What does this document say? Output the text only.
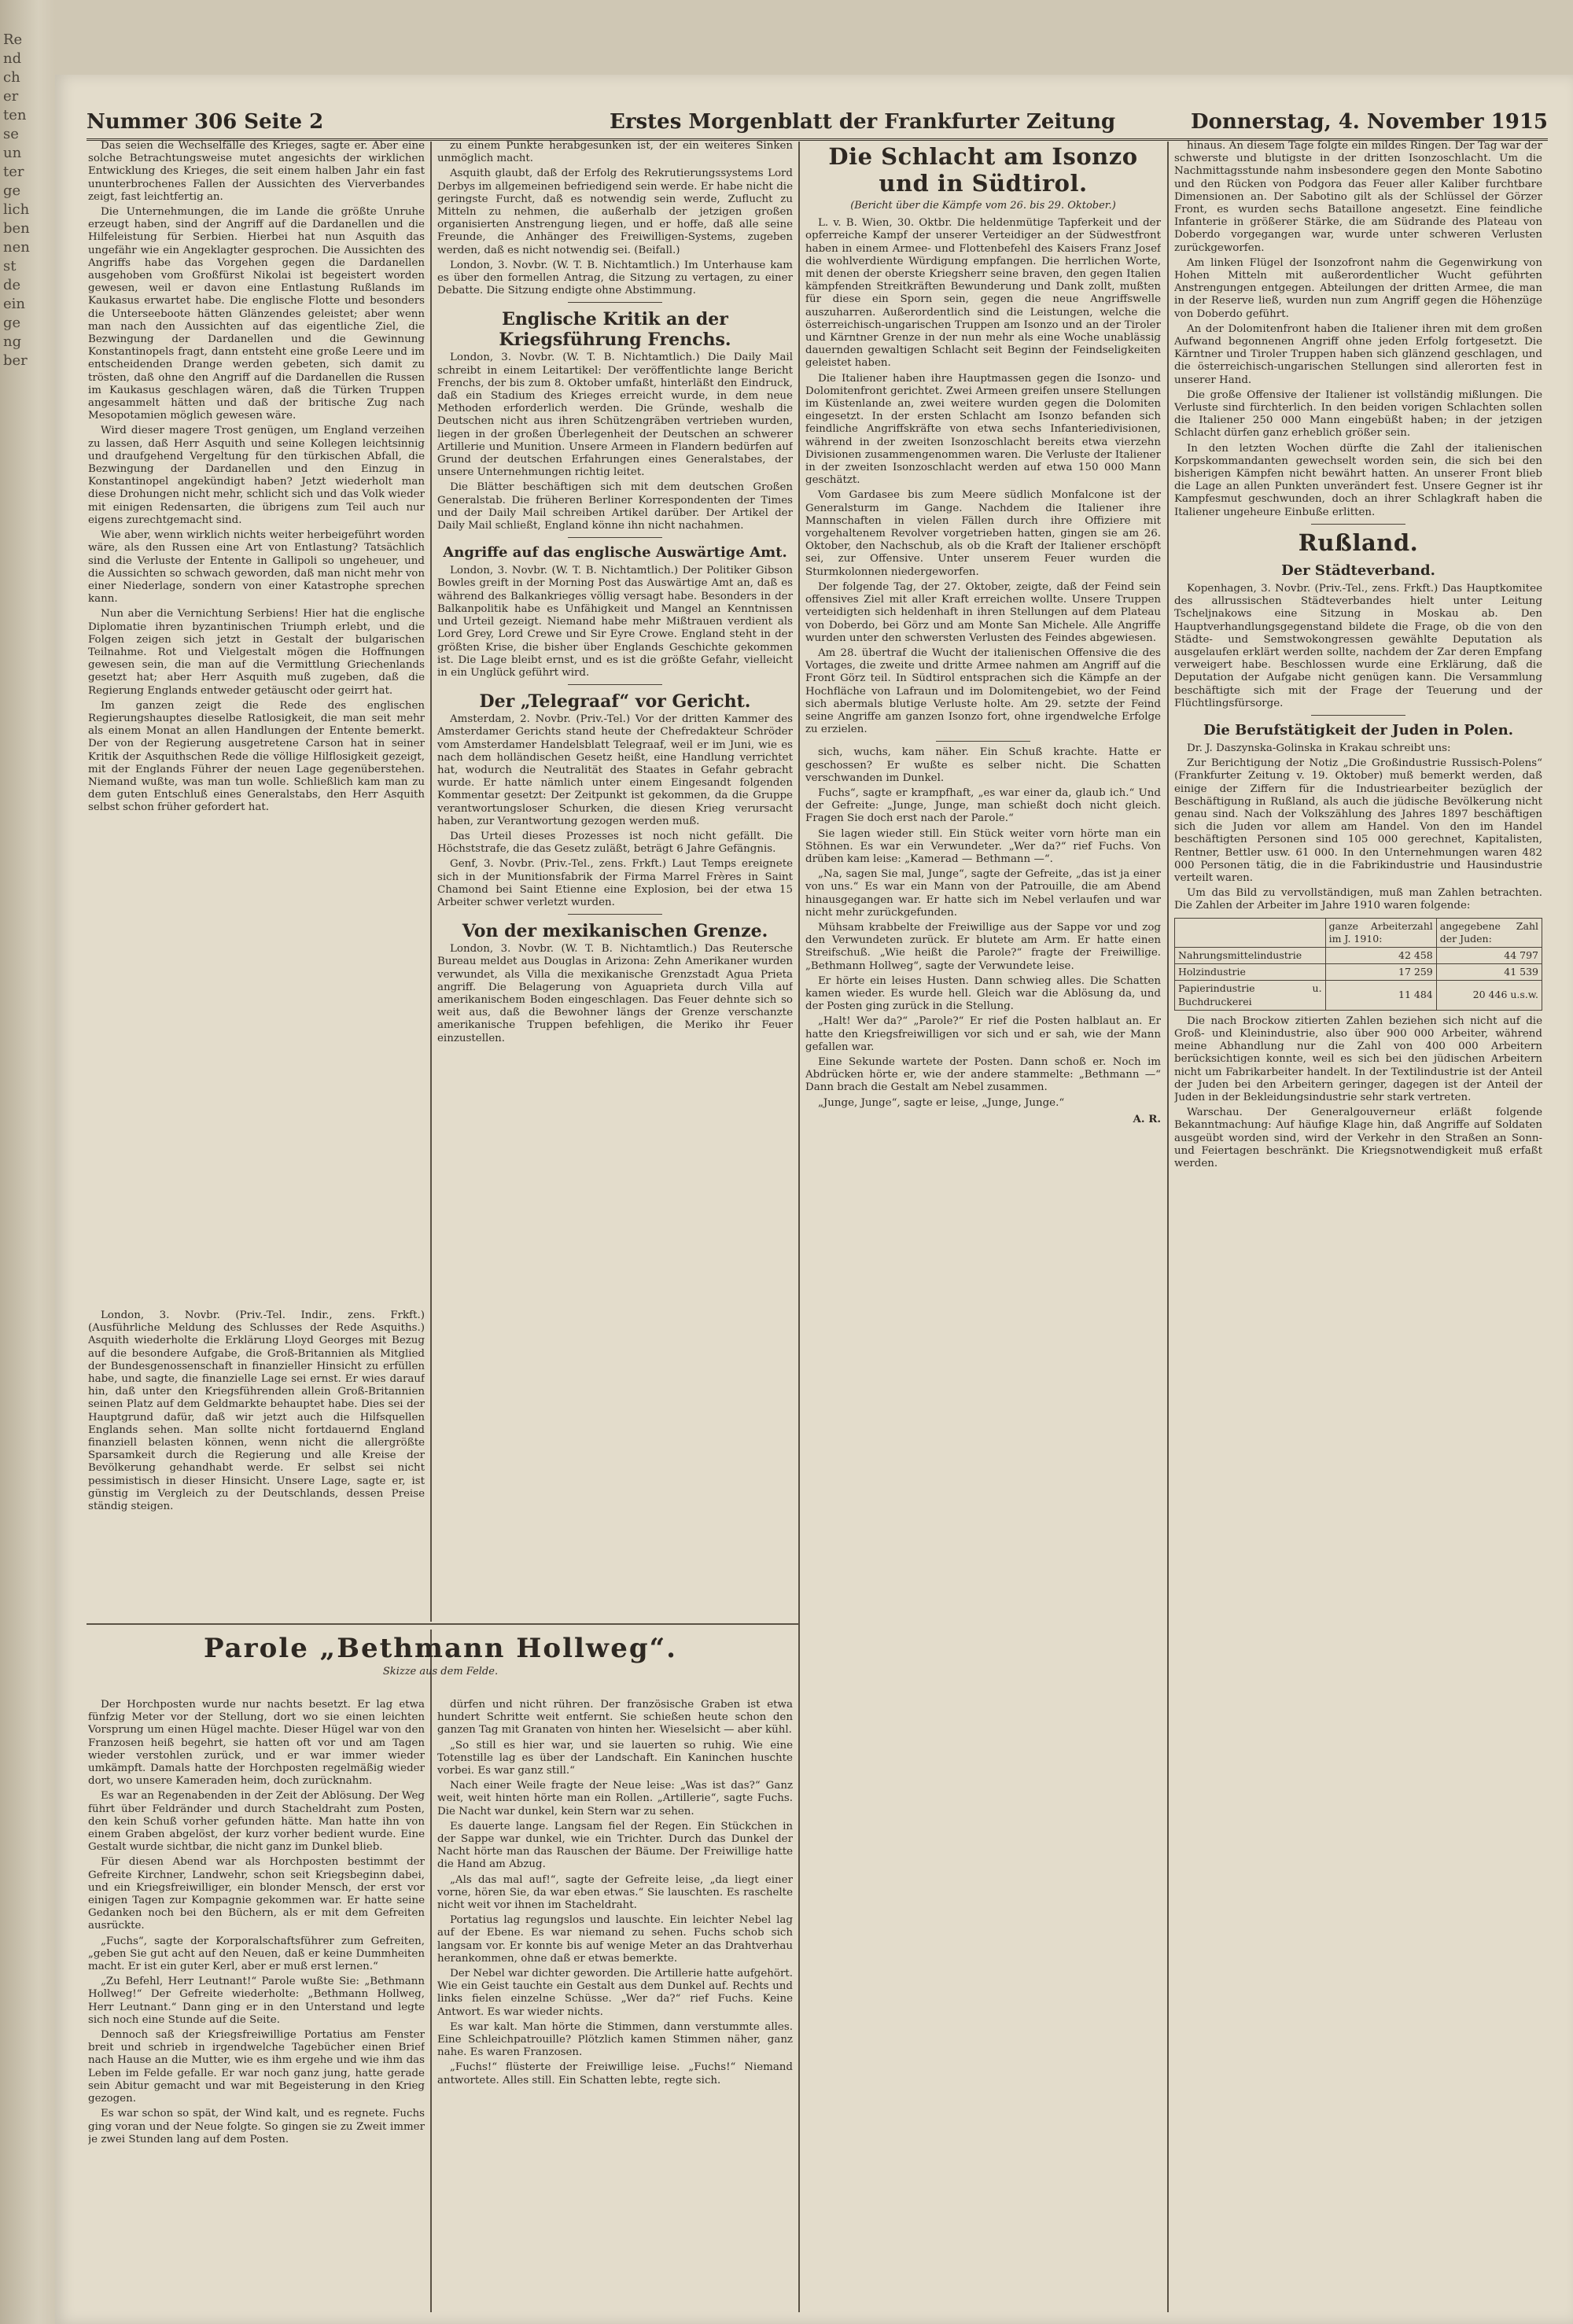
Re
nd
ch
er
ten
se
un
ter
ge
lich
ben
nen
st
de
ein
ge
ng
ber
Nummer 306 Seite 2	Erstes Morgenblatt der Frankfurter Zeitung	Donnerstag, 4. November 1915

Das seien die Wechselfälle des Krieges, sagte er. Aber eine solche Betrachtungsweise mutet angesichts der wirklichen Entwicklung des Krieges, die seit einem halben Jahr ein fast ununterbrochenes Fallen der Aussichten des Vierverbandes zeigt, fast leichtfertig an.

Die Unternehmungen, die im Lande die größte Unruhe erzeugt haben, sind der Angriff auf die Dardanellen und die Hilfeleistung für Serbien. Hierbei hat nun Asquith das ungefähr wie ein Angeklagter gesprochen. Die Aussichten des Angriffs habe das Vorgehen gegen die Dardanellen ausgehoben vom Großfürst Nikolai ist begeistert worden gewesen, weil er davon eine Entlastung Rußlands im Kaukasus erwartet habe. Die englische Flotte und besonders die Unterseeboote hätten Glänzendes geleistet; aber wenn man nach den Aussichten auf das eigentliche Ziel, die Bezwingung der Dardanellen und die Gewinnung Konstantinopels fragt, dann entsteht eine große Leere und im entscheidenden Drange werden gebeten, sich damit zu trösten, daß ohne den Angriff auf die Dardanellen die Russen im Kaukasus geschlagen wären, daß die Türken Truppen angesammelt hätten und daß der britische Zug nach Mesopotamien möglich gewesen wäre.

Wird dieser magere Trost genügen, um England verzeihen zu lassen, daß Herr Asquith und seine Kollegen leichtsinnig und draufgehend Vergeltung für den türkischen Abfall, die Bezwingung der Dardanellen und den Einzug in Konstantinopel angekündigt haben? Jetzt wiederholt man diese Drohungen nicht mehr, schlicht sich und das Volk wieder mit einigen Redensarten, die übrigens zum Teil auch nur eigens zurechtgemacht sind.

Wie aber, wenn wirklich nichts weiter herbeigeführt worden wäre, als den Russen eine Art von Entlastung? Tatsächlich sind die Verluste der Entente in Gallipoli so ungeheuer, und die Aussichten so schwach geworden, daß man nicht mehr von einer Niederlage, sondern von einer Katastrophe sprechen kann.

Nun aber die Vernichtung Serbiens! Hier hat die englische Diplomatie ihren byzantinischen Triumph erlebt, und die Folgen zeigen sich jetzt in Gestalt der bulgarischen Teilnahme. Rot und Vielgestalt mögen die Hoffnungen gewesen sein, die man auf die Vermittlung Griechenlands gesetzt hat; aber Herr Asquith muß zugeben, daß die Regierung Englands entweder getäuscht oder geirrt hat.

Im ganzen zeigt die Rede des englischen Regierungshauptes dieselbe Ratlosigkeit, die man seit mehr als einem Monat an allen Handlungen der Entente bemerkt. Der von der Regierung ausgetretene Carson hat in seiner Kritik der Asquithschen Rede die völlige Hilflosigkeit gezeigt, mit der Englands Führer der neuen Lage gegenüberstehen. Niemand wußte, was man tun wolle. Schließlich kam man zu dem guten Entschluß eines Generalstabs, den Herr Asquith selbst schon früher gefordert hat.

London, 3. Novbr. (Priv.-Tel. Indir., zens. Frkft.) (Ausführliche Meldung des Schlusses der Rede Asquiths.) Asquith wiederholte die Erklärung Lloyd Georges mit Bezug auf die besondere Aufgabe, die Groß-Britannien als Mitglied der Bundesgenossenschaft in finanzieller Hinsicht zu erfüllen habe, und sagte, die finanzielle Lage sei ernst. Er wies darauf hin, daß unter den Kriegsführenden allein Groß-Britannien seinen Platz auf dem Geldmarkte behauptet habe. Dies sei der Hauptgrund dafür, daß wir jetzt auch die Hilfsquellen Englands sehen. Man sollte nicht fortdauernd England finanziell belasten können, wenn nicht die allergrößte Sparsamkeit durch die Regierung und alle Kreise der Bevölkerung gehandhabt werde. Er selbst sei nicht pessimistisch in dieser Hinsicht. Unsere Lage, sagte er, ist günstig im Vergleich zu der Deutschlands, dessen Preise ständig steigen.

zu einem Punkte herabgesunken ist, der ein weiteres Sinken unmöglich macht.

Asquith glaubt, daß der Erfolg des Rekrutierungssystems Lord Derbys im allgemeinen befriedigend sein werde. Er habe nicht die geringste Furcht, daß es notwendig sein werde, Zuflucht zu Mitteln zu nehmen, die außerhalb der jetzigen großen organisierten Anstrengung liegen, und er hoffe, daß alle seine Freunde, die Anhänger des Freiwilligen-Systems, zugeben werden, daß es nicht notwendig sei. (Beifall.)

London, 3. Novbr. (W. T. B. Nichtamtlich.) Im Unterhause kam es über den formellen Antrag, die Sitzung zu vertagen, zu einer Debatte. Die Sitzung endigte ohne Abstimmung.

Englische Kritik an der Kriegsführung Frenchs.

London, 3. Novbr. (W. T. B. Nichtamtlich.) Die Daily Mail schreibt in einem Leitartikel: Der veröffentlichte lange Bericht Frenchs, der bis zum 8. Oktober umfaßt, hinterläßt den Eindruck, daß ein Stadium des Krieges erreicht wurde, in dem neue Methoden erforderlich werden. Die Gründe, weshalb die Deutschen nicht aus ihren Schützengräben vertrieben wurden, liegen in der großen Überlegenheit der Deutschen an schwerer Artillerie und Munition. Unsere Armeen in Flandern bedürfen auf Grund der deutschen Erfahrungen eines Generalstabes, der unsere Unternehmungen richtig leitet.

Die Blätter beschäftigen sich mit dem deutschen Großen Generalstab. Die früheren Berliner Korrespondenten der Times und der Daily Mail schreiben Artikel darüber. Der Artikel der Daily Mail schließt, England könne ihn nicht nachahmen.

Angriffe auf das englische Auswärtige Amt.

London, 3. Novbr. (W. T. B. Nichtamtlich.) Der Politiker Gibson Bowles greift in der Morning Post das Auswärtige Amt an, daß es während des Balkankrieges völlig versagt habe. Besonders in der Balkanpolitik habe es Unfähigkeit und Mangel an Kenntnissen und Urteil gezeigt. Niemand habe mehr Mißtrauen verdient als Lord Grey, Lord Crewe und Sir Eyre Crowe. England steht in der größten Krise, die bisher über Englands Geschichte gekommen ist. Die Lage bleibt ernst, und es ist die größte Gefahr, vielleicht in ein Unglück geführt wird.

Der „Telegraaf“ vor Gericht.

Amsterdam, 2. Novbr. (Priv.-Tel.) Vor der dritten Kammer des Amsterdamer Gerichts stand heute der Chefredakteur Schröder vom Amsterdamer Handelsblatt Telegraaf, weil er im Juni, wie es nach dem holländischen Gesetz heißt, eine Handlung verrichtet hat, wodurch die Neutralität des Staates in Gefahr gebracht wurde. Er hatte nämlich unter einem Eingesandt folgenden Kommentar gesetzt: Der Zeitpunkt ist gekommen, da die Gruppe verantwortungsloser Schurken, die diesen Krieg verursacht haben, zur Verantwortung gezogen werden muß.

Das Urteil dieses Prozesses ist noch nicht gefällt. Die Höchststrafe, die das Gesetz zuläßt, beträgt 6 Jahre Gefängnis.

Genf, 3. Novbr. (Priv.-Tel., zens. Frkft.) Laut Temps ereignete sich in der Munitionsfabrik der Firma Marrel Frères in Saint Chamond bei Saint Etienne eine Explosion, bei der etwa 15 Arbeiter schwer verletzt wurden.

Von der mexikanischen Grenze.

London, 3. Novbr. (W. T. B. Nichtamtlich.) Das Reutersche Bureau meldet aus Douglas in Arizona: Zehn Amerikaner wurden verwundet, als Villa die mexikanische Grenzstadt Agua Prieta angriff. Die Belagerung von Aguaprieta durch Villa auf amerikanischem Boden eingeschlagen. Das Feuer dehnte sich so weit aus, daß die Bewohner längs der Grenze verschanzte amerikanische Truppen befehligen, die Meriko ihr Feuer einzustellen.

Die Schlacht am Isonzo und in Südtirol.
(Bericht über die Kämpfe vom 26. bis 29. Oktober.)

L. v. B. Wien, 30. Oktbr. Die heldenmütige Tapferkeit und der opferreiche Kampf der unserer Verteidiger an der Südwestfront haben in einem Armee- und Flottenbefehl des Kaisers Franz Josef die wohlverdiente Würdigung empfangen. Die herrlichen Worte, mit denen der oberste Kriegsherr seine braven, den gegen Italien kämpfenden Streitkräften Bewunderung und Dank zollt, mußten für diese ein Sporn sein, gegen die neue Angriffswelle auszuharren. Außerordentlich sind die Leistungen, welche die österreichisch-ungarischen Truppen am Isonzo und an der Tiroler und Kärntner Grenze in der nun mehr als eine Woche unablässig dauernden gewaltigen Schlacht seit Beginn der Feindseligkeiten geleistet haben.

Die Italiener haben ihre Hauptmassen gegen die Isonzo- und Dolomitenfront gerichtet. Zwei Armeen greifen unsere Stellungen im Küstenlande an, zwei weitere wurden gegen die Dolomiten eingesetzt. In der ersten Schlacht am Isonzo befanden sich feindliche Angriffskräfte von etwa sechs Infanteriedivisionen, während in der zweiten Isonzoschlacht bereits etwa vierzehn Divisionen zusammengenommen waren. Die Verluste der Italiener in der zweiten Isonzoschlacht werden auf etwa 150 000 Mann geschätzt.

Vom Gardasee bis zum Meere südlich Monfalcone ist der Generalsturm im Gange. Nachdem die Italiener ihre Mannschaften in vielen Fällen durch ihre Offiziere mit vorgehaltenem Revolver vorgetrieben hatten, gingen sie am 26. Oktober, den Nachschub, als ob die Kraft der Italiener erschöpft sei, zur Offensive. Unter unserem Feuer wurden die Sturmkolonnen niedergeworfen.

Der folgende Tag, der 27. Oktober, zeigte, daß der Feind sein offensives Ziel mit aller Kraft erreichen wollte. Unsere Truppen verteidigten sich heldenhaft in ihren Stellungen auf dem Plateau von Doberdo, bei Görz und am Monte San Michele. Alle Angriffe wurden unter den schwersten Verlusten des Feindes abgewiesen.

Am 28. übertraf die Wucht der italienischen Offensive die des Vortages, die zweite und dritte Armee nahmen am Angriff auf die Front Görz teil. In Südtirol entsprachen sich die Kämpfe an der Hochfläche von Lafraun und im Dolomitengebiet, wo der Feind sich abermals blutige Verluste holte. Am 29. setzte der Feind seine Angriffe am ganzen Isonzo fort, ohne irgendwelche Erfolge zu erzielen.

sich, wuchs, kam näher. Ein Schuß krachte. Hatte er geschossen? Er wußte es selber nicht. Die Schatten verschwanden im Dunkel.

Fuchs“, sagte er krampfhaft, „es war einer da, glaub ich.“ Und der Gefreite: „Junge, Junge, man schießt doch nicht gleich. Fragen Sie doch erst nach der Parole.“

Sie lagen wieder still. Ein Stück weiter vorn hörte man ein Stöhnen. Es war ein Verwundeter. „Wer da?“ rief Fuchs. Von drüben kam leise: „Kamerad — Bethmann —“.

„Na, sagen Sie mal, Junge“, sagte der Gefreite, „das ist ja einer von uns.“ Es war ein Mann von der Patrouille, die am Abend hinausgegangen war. Er hatte sich im Nebel verlaufen und war nicht mehr zurückgefunden.

Mühsam krabbelte der Freiwillige aus der Sappe vor und zog den Verwundeten zurück. Er blutete am Arm. Er hatte einen Streifschuß. „Wie heißt die Parole?“ fragte der Freiwillige. „Bethmann Hollweg“, sagte der Verwundete leise.

Er hörte ein leises Husten. Dann schwieg alles. Die Schatten kamen wieder. Es wurde hell. Gleich war die Ablösung da, und der Posten ging zurück in die Stellung.

„Halt! Wer da?“ „Parole?“ Er rief die Posten halblaut an. Er hatte den Kriegsfreiwilligen vor sich und er sah, wie der Mann gefallen war.

Eine Sekunde wartete der Posten. Dann schoß er. Noch im Abdrücken hörte er, wie der andere stammelte: „Bethmann —“ Dann brach die Gestalt am Nebel zusammen.

„Junge, Junge“, sagte er leise, „Junge, Junge.“

A. R.

hinaus. An diesem Tage folgte ein mildes Ringen. Der Tag war der schwerste und blutigste in der dritten Isonzoschlacht. Um die Nachmittagsstunde nahm insbesondere gegen den Monte Sabotino und den Rücken von Podgora das Feuer aller Kaliber furchtbare Dimensionen an. Der Sabotino gilt als der Schlüssel der Görzer Front, es wurden sechs Bataillone angesetzt. Eine feindliche Infanterie in größerer Stärke, die am Südrande des Plateau von Doberdo vorgegangen war, wurde unter schweren Verlusten zurückgeworfen.

Am linken Flügel der Isonzofront nahm die Gegenwirkung von Hohen Mitteln mit außerordentlicher Wucht geführten Anstrengungen entgegen. Abteilungen der dritten Armee, die man in der Reserve ließ, wurden nun zum Angriff gegen die Höhenzüge von Doberdo geführt.

An der Dolomitenfront haben die Italiener ihren mit dem großen Aufwand begonnenen Angriff ohne jeden Erfolg fortgesetzt. Die Kärntner und Tiroler Truppen haben sich glänzend geschlagen, und die österreichisch-ungarischen Stellungen sind allerorten fest in unserer Hand.

Die große Offensive der Italiener ist vollständig mißlungen. Die Verluste sind fürchterlich. In den beiden vorigen Schlachten sollen die Italiener 250 000 Mann eingebüßt haben; in der jetzigen Schlacht dürfen ganz erheblich größer sein.

In den letzten Wochen dürfte die Zahl der italienischen Korpskommandanten gewechselt worden sein, die sich bei den bisherigen Kämpfen nicht bewährt hatten. An unserer Front blieb die Lage an allen Punkten unverändert fest. Unsere Gegner ist ihr Kampfesmut geschwunden, doch an ihrer Schlagkraft haben die Italiener ungeheure Einbuße erlitten.

Rußland.
Der Städteverband.

Kopenhagen, 3. Novbr. (Priv.-Tel., zens. Frkft.) Das Hauptkomitee des allrussischen Städteverbandes hielt unter Leitung Tscheljnakows eine Sitzung in Moskau ab. Den Hauptverhandlungsgegenstand bildete die Frage, ob die von den Städte- und Semstwokongressen gewählte Deputation als ausgelaufen erklärt werden sollte, nachdem der Zar deren Empfang verweigert habe. Beschlossen wurde eine Erklärung, daß die Deputation der Aufgabe nicht genügen kann. Die Versammlung beschäftigte sich mit der Frage der Teuerung und der Flüchtlingsfürsorge.

Die Berufstätigkeit der Juden in Polen.

Dr. J. Daszynska-Golinska in Krakau schreibt uns:

Zur Berichtigung der Notiz „Die Großindustrie Russisch-Polens“ (Frankfurter Zeitung v. 19. Oktober) muß bemerkt werden, daß einige der Ziffern für die Industriearbeiter bezüglich der Beschäftigung in Rußland, als auch die jüdische Bevölkerung nicht genau sind. Nach der Volkszählung des Jahres 1897 beschäftigen sich die Juden vor allem am Handel. Von den im Handel beschäftigten Personen sind 105 000 gerechnet, Kapitalisten, Rentner, Bettler usw. 61 000. In den Unternehmungen waren 482 000 Personen tätig, die in die Fabrikindustrie und Hausindustrie verteilt waren.

Um das Bild zu vervollständigen, muß man Zahlen betrachten. Die Zahlen der Arbeiter im Jahre 1910 waren folgende:

	ganze Arbeiterzahl im J. 1910:	angegebene Zahl der Juden:
Nahrungsmittelindustrie	42 458	44 797
Holzindustrie	17 259	41 539
Papierindustrie u. Buchdruckerei	11 484	20 446 u.s.w.

Die nach Brockow zitierten Zahlen beziehen sich nicht auf die Groß- und Kleinindustrie, also über 900 000 Arbeiter, während meine Abhandlung nur die Zahl von 400 000 Arbeitern berücksichtigen konnte, weil es sich bei den jüdischen Arbeitern nicht um Fabrikarbeiter handelt. In der Textilindustrie ist der Anteil der Juden bei den Arbeitern geringer, dagegen ist der Anteil der Juden in der Bekleidungsindustrie sehr stark vertreten.

Warschau. Der Generalgouverneur erläßt folgende Bekanntmachung: Auf häufige Klage hin, daß Angriffe auf Soldaten ausgeübt worden sind, wird der Verkehr in den Straßen an Sonn- und Feiertagen beschränkt. Die Kriegsnotwendigkeit muß erfaßt werden.

Parole „Bethmann Hollweg“.
Skizze aus dem Felde.

Der Horchposten wurde nur nachts besetzt. Er lag etwa fünfzig Meter vor der Stellung, dort wo sie einen leichten Vorsprung um einen Hügel machte. Dieser Hügel war von den Franzosen heiß begehrt, sie hatten oft vor und am Tagen wieder verstohlen zurück, und er war immer wieder umkämpft. Damals hatte der Horchposten regelmäßig wieder dort, wo unsere Kameraden heim, doch zurücknahm.

Es war an Regenabenden in der Zeit der Ablösung. Der Weg führt über Feldränder und durch Stacheldraht zum Posten, den kein Schuß vorher gefunden hätte. Man hatte ihn von einem Graben abgelöst, der kurz vorher bedient wurde. Eine Gestalt wurde sichtbar, die nicht ganz im Dunkel blieb.

Für diesen Abend war als Horchposten bestimmt der Gefreite Kirchner, Landwehr, schon seit Kriegsbeginn dabei, und ein Kriegsfreiwilliger, ein blonder Mensch, der erst vor einigen Tagen zur Kompagnie gekommen war. Er hatte seine Gedanken noch bei den Büchern, als er mit dem Gefreiten ausrückte.

„Fuchs“, sagte der Korporalschaftsführer zum Gefreiten, „geben Sie gut acht auf den Neuen, daß er keine Dummheiten macht. Er ist ein guter Kerl, aber er muß erst lernen.“

„Zu Befehl, Herr Leutnant!“ Parole wußte Sie: „Bethmann Hollweg!“ Der Gefreite wiederholte: „Bethmann Hollweg, Herr Leutnant.“ Dann ging er in den Unterstand und legte sich noch eine Stunde auf die Seite.

Dennoch saß der Kriegsfreiwillige Portatius am Fenster breit und schrieb in irgendwelche Tagebücher einen Brief nach Hause an die Mutter, wie es ihm ergehe und wie ihm das Leben im Felde gefalle. Er war noch ganz jung, hatte gerade sein Abitur gemacht und war mit Begeisterung in den Krieg gezogen.

Es war schon so spät, der Wind kalt, und es regnete. Fuchs ging voran und der Neue folgte. So gingen sie zu Zweit immer je zwei Stunden lang auf dem Posten.

dürfen und nicht rühren. Der französische Graben ist etwa hundert Schritte weit entfernt. Sie schießen heute schon den ganzen Tag mit Granaten von hinten her. Wieselsicht — aber kühl.

„So still es hier war, und sie lauerten so ruhig. Wie eine Totenstille lag es über der Landschaft. Ein Kaninchen huschte vorbei. Es war ganz still.“

Nach einer Weile fragte der Neue leise: „Was ist das?“ Ganz weit, weit hinten hörte man ein Rollen. „Artillerie“, sagte Fuchs. Die Nacht war dunkel, kein Stern war zu sehen.

Es dauerte lange. Langsam fiel der Regen. Ein Stückchen in der Sappe war dunkel, wie ein Trichter. Durch das Dunkel der Nacht hörte man das Rauschen der Bäume. Der Freiwillige hatte die Hand am Abzug.

„Als das mal auf!“, sagte der Gefreite leise, „da liegt einer vorne, hören Sie, da war eben etwas.“ Sie lauschten. Es raschelte nicht weit vor ihnen im Stacheldraht.

Portatius lag regungslos und lauschte. Ein leichter Nebel lag auf der Ebene. Es war niemand zu sehen. Fuchs schob sich langsam vor. Er konnte bis auf wenige Meter an das Drahtverhau herankommen, ohne daß er etwas bemerkte.

Der Nebel war dichter geworden. Die Artillerie hatte aufgehört. Wie ein Geist tauchte ein Gestalt aus dem Dunkel auf. Rechts und links fielen einzelne Schüsse. „Wer da?“ rief Fuchs. Keine Antwort. Es war wieder nichts.

Es war kalt. Man hörte die Stimmen, dann verstummte alles. Eine Schleichpatrouille? Plötzlich kamen Stimmen näher, ganz nahe. Es waren Franzosen.

„Fuchs!“ flüsterte der Freiwillige leise. „Fuchs!“ Niemand antwortete. Alles still. Ein Schatten lebte, regte sich.
